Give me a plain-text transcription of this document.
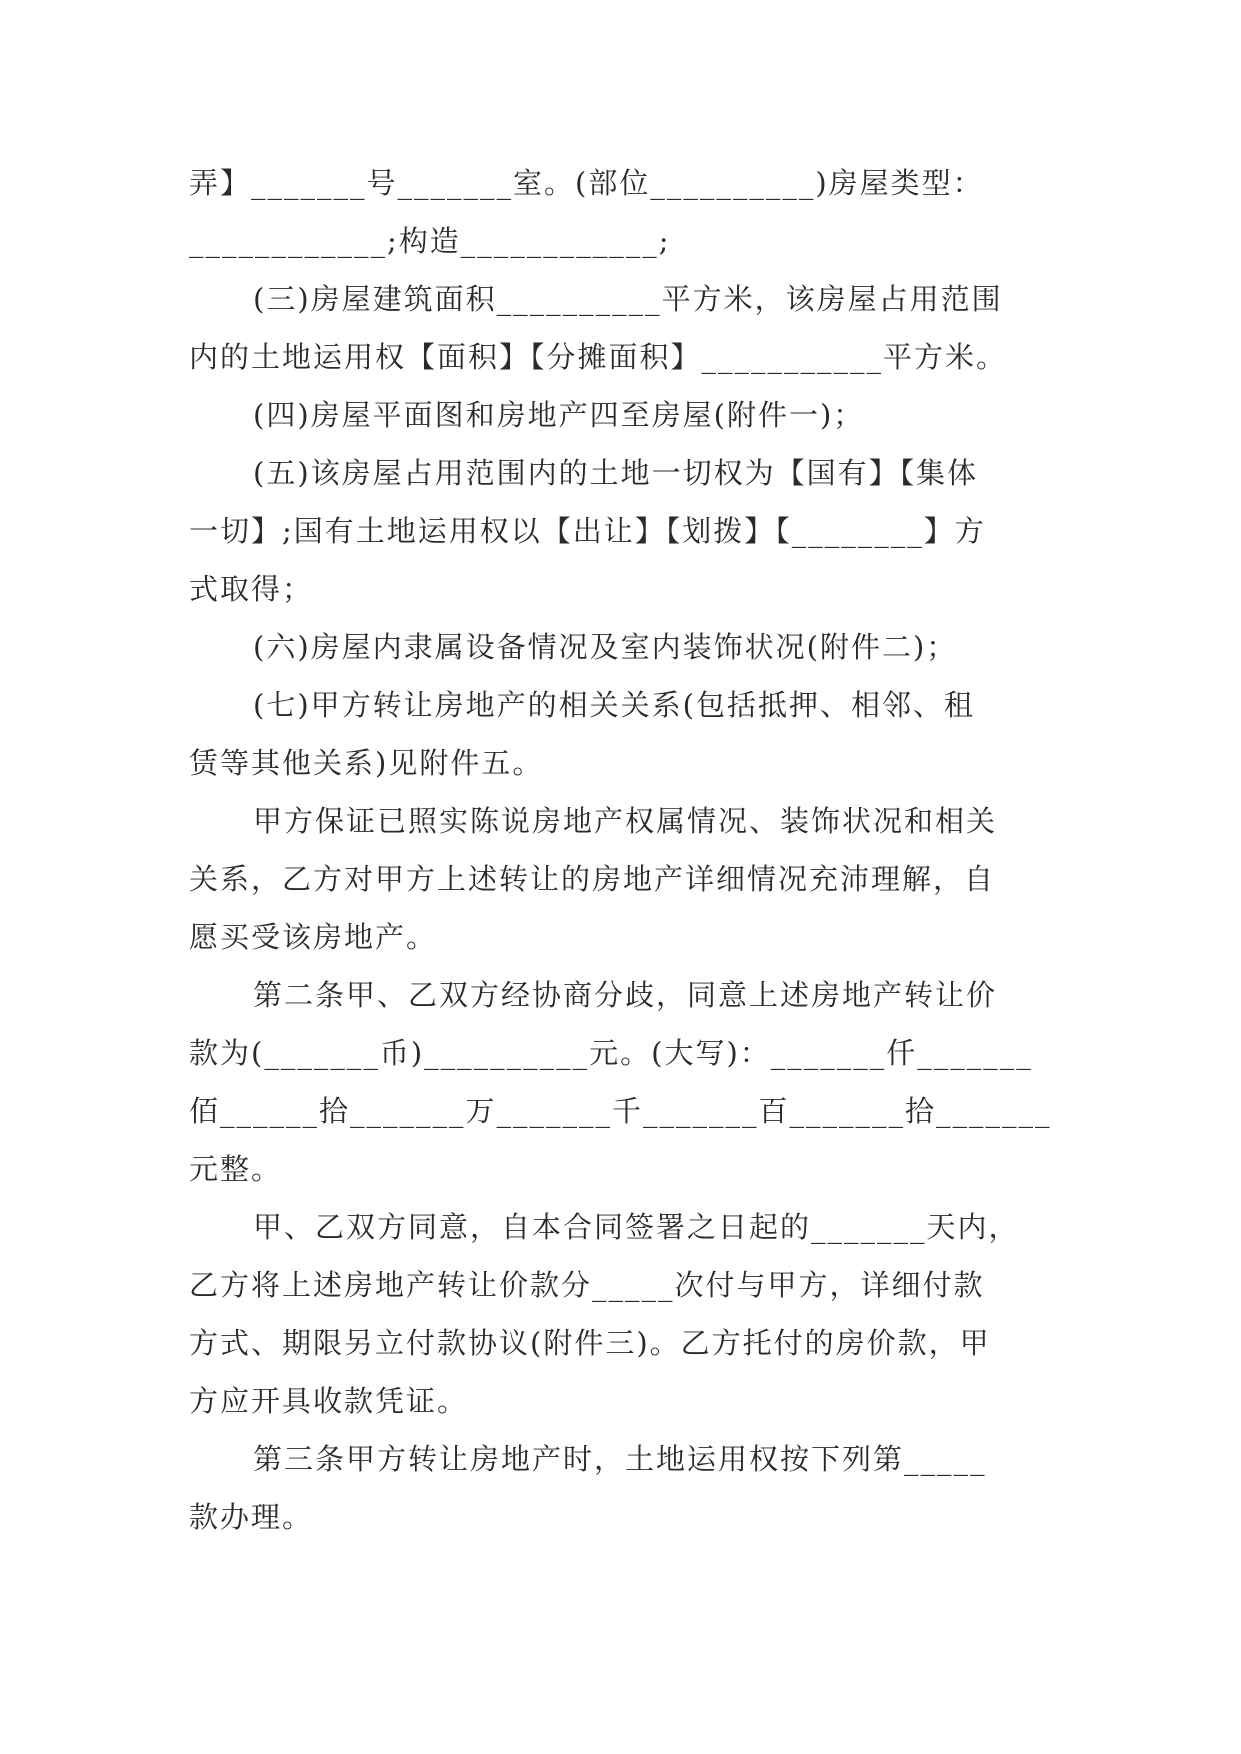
弄】_______号_______室。(部位__________)房屋类型：
____________;构造____________;
(三)房屋建筑面积__________平方米，该房屋占用范围
内的土地运用权【面积】【分摊面积】___________平方米。
(四)房屋平面图和房地产四至房屋(附件一)；
(五)该房屋占用范围内的土地一切权为【国有】【集体
一切】;国有土地运用权以【出让】【划拨】【________】方
式取得；
(六)房屋内隶属设备情况及室内装饰状况(附件二)；
(七)甲方转让房地产的相关关系(包括抵押、相邻、租
赁等其他关系)见附件五。
甲方保证已照实陈说房地产权属情况、装饰状况和相关
关系，乙方对甲方上述转让的房地产详细情况充沛理解，自
愿买受该房地产。
第二条甲、乙双方经协商分歧，同意上述房地产转让价
款为(_______币)__________元。(大写)：_______仟_______
佰______拾_______万_______千_______百_______拾_______
元整。
甲、乙双方同意，自本合同签署之日起的_______天内，
乙方将上述房地产转让价款分_____次付与甲方，详细付款
方式、期限另立付款协议(附件三)。乙方托付的房价款，甲
方应开具收款凭证。
第三条甲方转让房地产时，土地运用权按下列第_____
款办理。
